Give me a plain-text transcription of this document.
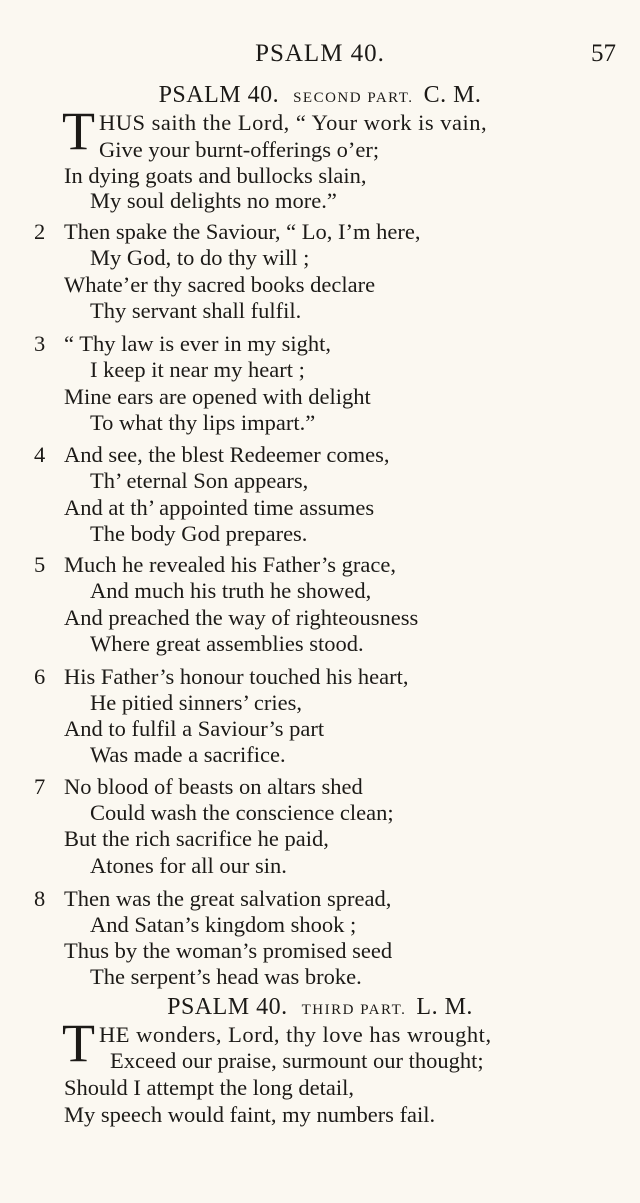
PSALM 40.	57
PSALM 40. SECOND PART. C. M.
T HUS saith the Lord, “ Your work is vain,
Give your burnt-offerings o’er;
In dying goats and bullocks slain,
My soul delights no more.”
2 Then spake the Saviour, “ Lo, I’m here,
My God, to do thy will ;
Whate’er thy sacred books declare
Thy servant shall fulfil.
3 “ Thy law is ever in my sight,
I keep it near my heart ;
Mine ears are opened with delight
To what thy lips impart.”
4 And see, the blest Redeemer comes,
Th’ eternal Son appears,
And at th’ appointed time assumes
The body God prepares.
5 Much he revealed his Father’s grace,
And much his truth he showed,
And preached the way of righteousness
Where great assemblies stood.
6 His Father’s honour touched his heart,
He pitied sinners’ cries,
And to fulfil a Saviour’s part
Was made a sacrifice.
7 No blood of beasts on altars shed
Could wash the conscience clean;
But the rich sacrifice he paid,
Atones for all our sin.
8 Then was the great salvation spread,
And Satan’s kingdom shook ;
Thus by the woman’s promised seed
The serpent’s head was broke.
PSALM 40. THIRD PART. L. M.
T HE wonders, Lord, thy love has wrought,
Exceed our praise, surmount our thought;
Should I attempt the long detail,
My speech would faint, my numbers fail.
